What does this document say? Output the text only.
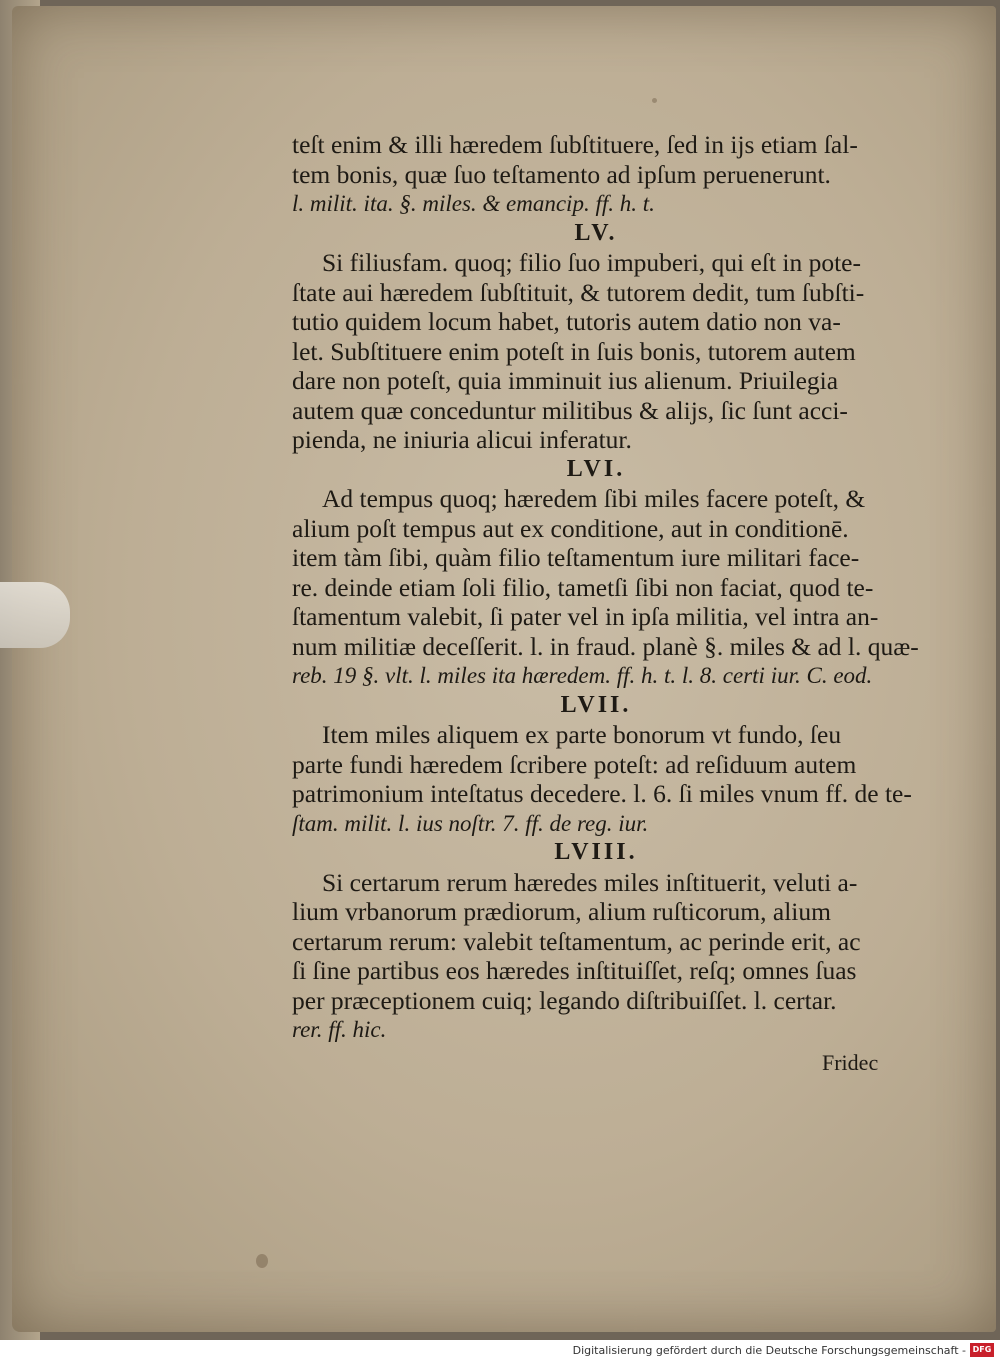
teſt enim & illi hæredem ſubſtituere, ſed in ijs etiam ſal-
tem bonis, quæ ſuo teſtamento ad ipſum peruenerunt.
l. milit. ita. §. miles. & emancip. ff. h. t.
LV.
Si filiusfam. quoq; filio ſuo impuberi, qui eſt in pote-
ſtate aui hæredem ſubſtituit, & tutorem dedit, tum ſubſti-
tutio quidem locum habet, tutoris autem datio non va-
let. Subſtituere enim poteſt in ſuis bonis, tutorem autem
dare non poteſt, quia imminuit ius alienum. Priuilegia
autem quæ conceduntur militibus & alijs, ſic ſunt acci-
pienda, ne iniuria alicui inferatur.
LVI.
Ad tempus quoq; hæredem ſibi miles facere poteſt, &
alium poſt tempus aut ex conditione, aut in conditionē.
item tàm ſibi, quàm filio teſtamentum iure militari face-
re. deinde etiam ſoli filio, tametſi ſibi non faciat, quod te-
ſtamentum valebit, ſi pater vel in ipſa militia, vel intra an-
num militiæ deceſſerit. l. in fraud. planè §. miles & ad l. quæ-
reb. 19 §. vlt. l. miles ita hæredem. ff. h. t. l. 8. certi iur. C. eod.
LVII.
Item miles aliquem ex parte bonorum vt fundo, ſeu
parte fundi hæredem ſcribere poteſt: ad reſiduum autem
patrimonium inteſtatus decedere. l. 6. ſi miles vnum ff. de te-
ſtam. milit. l. ius noſtr. 7. ff. de reg. iur.
LVIII.
Si certarum rerum hæredes miles inſtituerit, veluti a-
lium vrbanorum prædiorum, alium ruſticorum, alium
certarum rerum: valebit teſtamentum, ac perinde erit, ac
ſi ſine partibus eos hæredes inſtituiſſet, reſq; omnes ſuas
per præceptionem cuiq; legando diſtribuiſſet. l. certar.
rer. ff. hic.
Fridec
Digitalisierung gefördert durch die Deutsche Forschungsgemeinschaft - DFG
